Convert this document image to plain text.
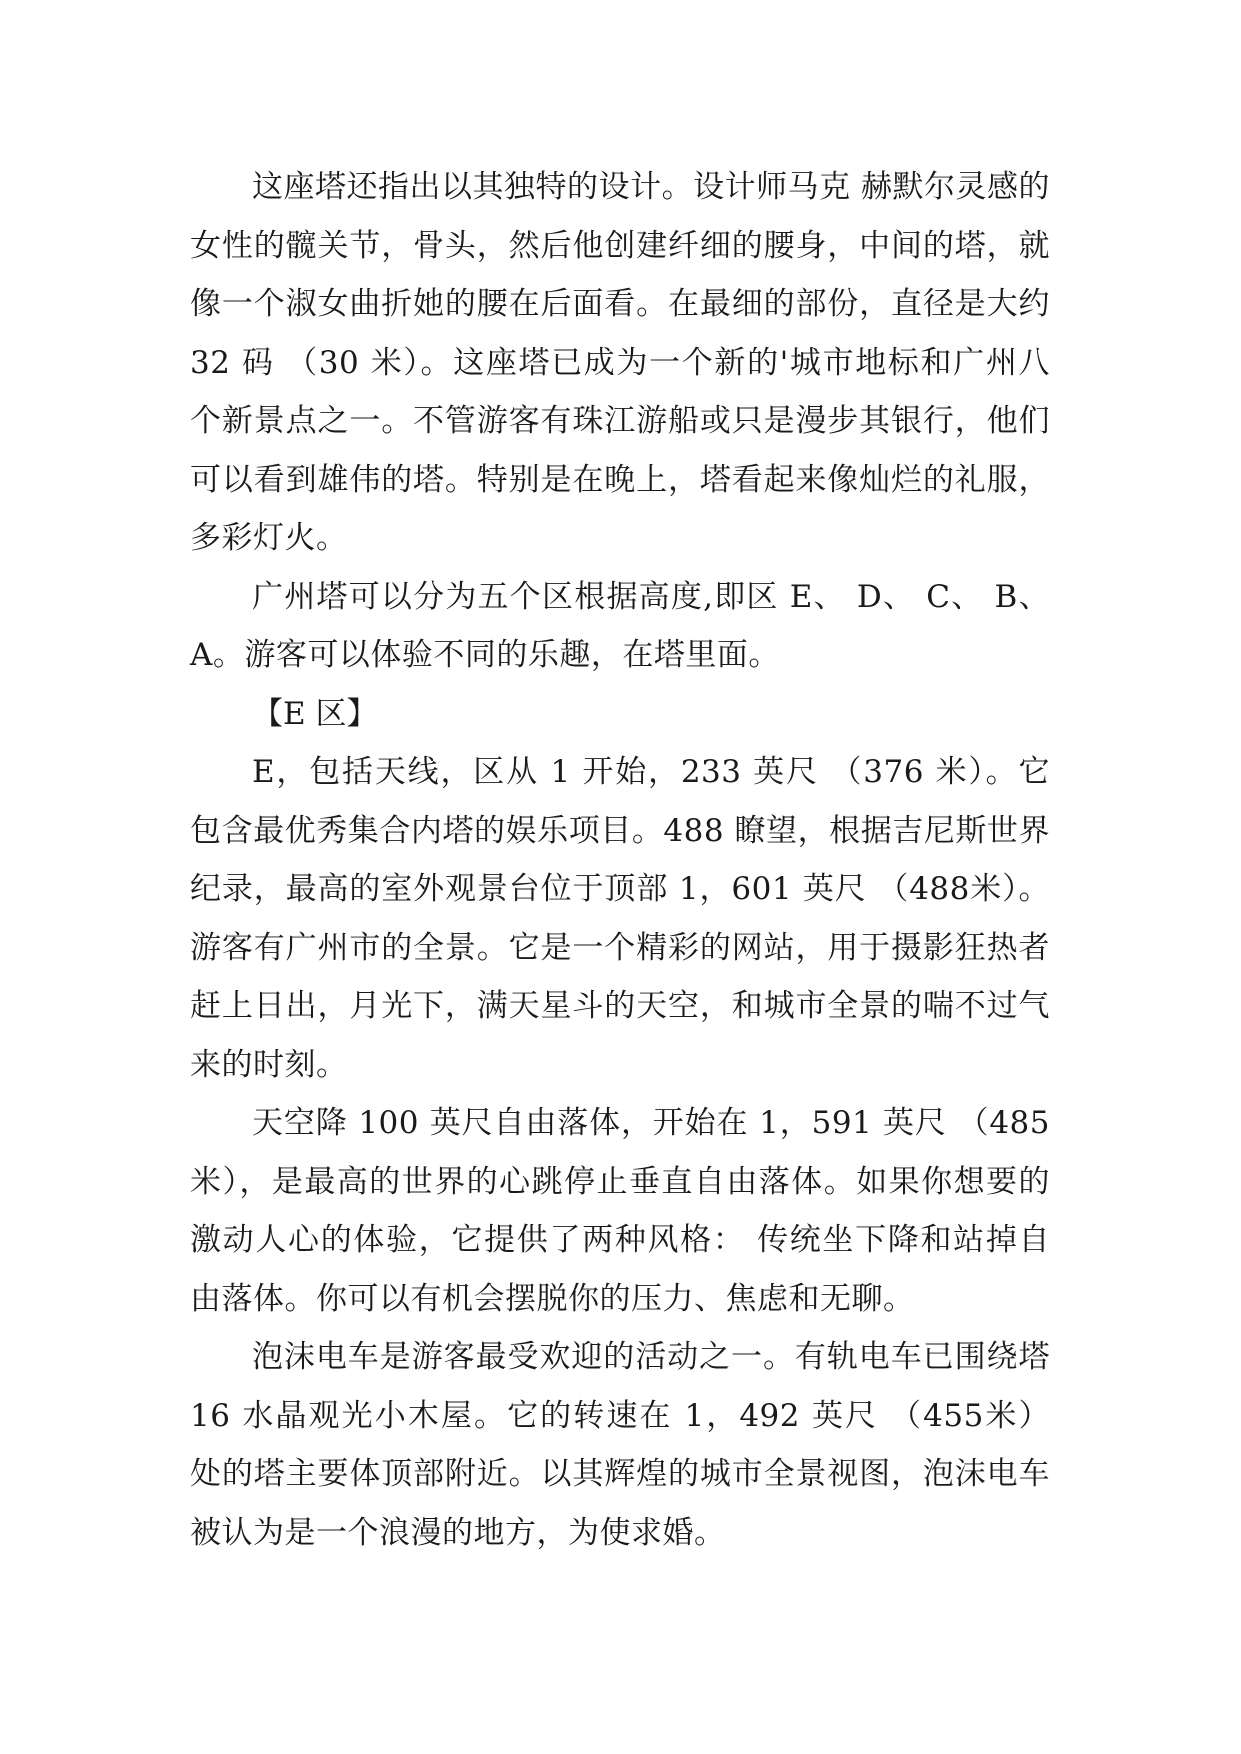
这座塔还指出以其独特的设计。设计师马克 赫默尔灵感的女性的髋关节，骨头，然后他创建纤细的腰身，中间的塔，就像一个淑女曲折她的腰在后面看。在最细的部份，直径是大约 32 码 （30 米）。这座塔已成为一个新的'城市地标和广州八个新景点之一。不管游客有珠江游船或只是漫步其银行，他们可以看到雄伟的塔。特别是在晚上，塔看起来像灿烂的礼服，多彩灯火。

广州塔可以分为五个区根据高度,即区 E、 D、 C、 B、A。游客可以体验不同的乐趣，在塔里面。

【E 区】

E，包括天线，区从 1 开始，233 英尺 （376 米）。它包含最优秀集合内塔的娱乐项目。488 瞭望，根据吉尼斯世界纪录，最高的室外观景台位于顶部 1，601 英尺 （488米）。游客有广州市的全景。它是一个精彩的网站，用于摄影狂热者赶上日出，月光下，满天星斗的天空，和城市全景的喘不过气来的时刻。

天空降 100 英尺自由落体，开始在 1，591 英尺 （485米），是最高的世界的心跳停止垂直自由落体。如果你想要的激动人心的体验，它提供了两种风格： 传统坐下降和站掉自由落体。你可以有机会摆脱你的压力、焦虑和无聊。

泡沫电车是游客最受欢迎的活动之一。有轨电车已围绕塔 16 水晶观光小木屋。它的转速在 1，492 英尺 （455米） 处的塔主要体顶部附近。以其辉煌的城市全景视图，泡沫电车被认为是一个浪漫的地方，为使求婚。
